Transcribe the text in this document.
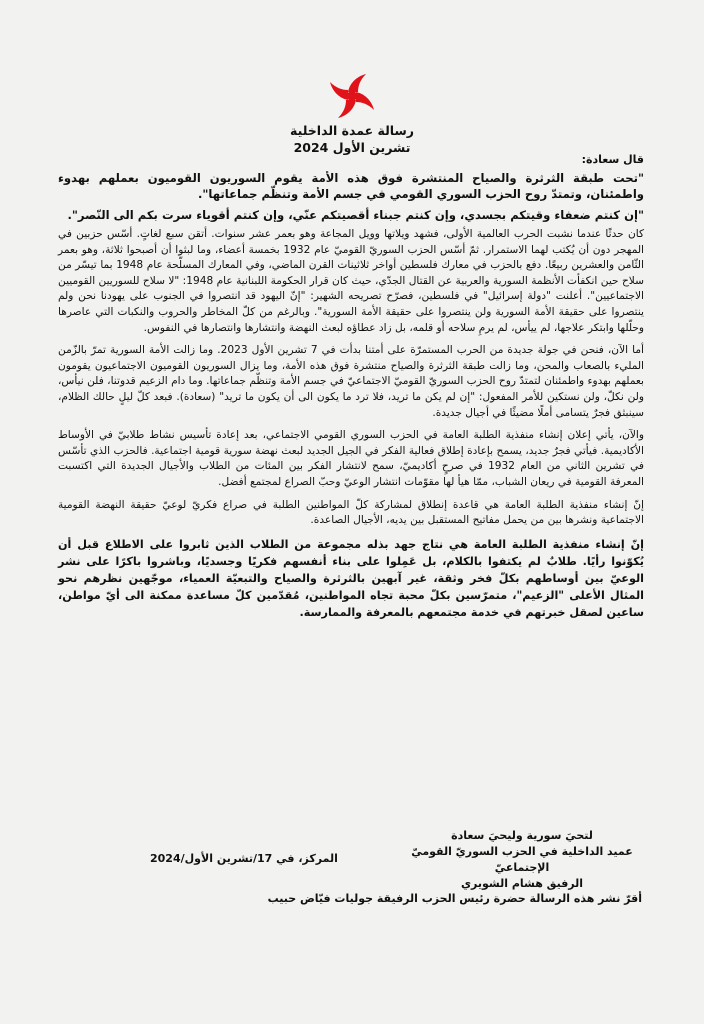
رسالة عمدة الداخلية
تشرين الأول 2024
قال سعادة:
"تحت طبقة الثرثرة والصياح المنتشرة فوق هذه الأمة يقوم السوريون القوميون بعملهم بهدوء واطمئنان، وتمتدّ روح الحزب السوري القومي في جسم الأمة وتنظّم جماعاتها".
"إن كنتم ضعفاء وقيتكم بجسدي، وإن كنتم جبناء أقصيتكم عنّي، وإن كنتم أقوياء سرت بكم الى النّصر".

كان حدثًا عندما نشبت الحرب العالمية الأولى، فشهد ويلاتها وويل المجاعة وهو بعمر عشر سنوات. أتقن سبع لغاتٍ. أسّس حزبين في المهجر دون أن يُكتب لهما الاستمرار. ثمّ أسّس الحزب السوريّ القوميّ عام 1932 بخمسة أعضاء، وما لبثوا أن أصبحوا ثلاثة، وهو بعمر الثّامن والعشرين ربيعًا. دفع بالحزب في معارك فلسطين أواخر ثلاثينات القرن الماضي، وفي المعارك المسلّحة عام 1948 بما تيسّر من سلاح حين انكفأت الأنظمة السورية والعربية عن القتال الجدّي، حيث كان قرار الحكومة اللبنانية عام 1948: "لا سلاح للسوريين القوميين الاجتماعيين". أعلنت "دولة إسرائيل" في فلسطين، فصرّح تصريحه الشهير: "إنّ اليهود قد انتصروا في الجنوب على يهودنا نحن ولم ينتصروا على حقيقة الأمة السورية ولن ينتصروا على حقيقة الأمة السورية". وبالرغم من كلّ المخاطر والحروب والنكبات التي عاصرها وحلّلها وابتكر علاجها، لم ييأس، لم يرمِ سلاحه أو قلمه، بل زاد عطاؤه لبعث النهضة وانتشارها وانتصارها في النفوس.

أما الآن، فنحن في جولة جديدة من الحرب المستمرّة على أمتنا بدأت في 7 تشرين الأول 2023. وما زالت الأمة السورية تمرّ بالزّمن المليء بالصعاب والمحن، وما زالت طبقة الثرثرة والصياح منتشرة فوق هذه الأمة، وما يزال السوريون القوميون الاجتماعيون يقومون بعملهم بهدوء واطمئنان لتمتدّ روح الحزب السوريّ القوميّ الاجتماعيّ في جسم الأمة وتنظّم جماعاتها. وما دام الزعيم قدوتنا، فلن نيأس، ولن نكلّ، ولن نستكين للأمر المفعول: "إن لم يكن ما تريد، فلا ترد ما يكون الى أن يكون ما تريد" (سعادة). فبعد كلّ ليلٍ حالك الظلام، سينبثق فجرٌ يتسامى أملًا مضيئًا في أجيال جديدة.

والآن، يأتي إعلان إنشاء منفذية الطلبة العامة في الحزب السوري القومي الاجتماعي، بعد إعادة تأسيس نشاط طلابيّ في الأوساط الأكاديمية. فيأتي فجرٌ جديد، يسمح بإعادة إطلاق فعالية الفكر في الجيل الجديد لبعث نهضة سورية قومية اجتماعية. فالحزب الذي تأسّس في تشرين الثاني من العام 1932 في صرحٍ أكاديميّ، سمح لانتشار الفكر بين المئات من الطلاب والأجيال الجديدة التي اكتسبت المعرفة القومية في ريعان الشباب، ممّا هيأ لها مقوّمات انتشار الوعيّ وحبّ الصراع لمجتمع أفضل.

إنّ إنشاء منفذية الطلبة العامة هي قاعدة إنطلاق لمشاركة كلّ المواطنين الطلبة في صراع فكريّ لوعيّ حقيقة النهضة القومية الاجتماعية ونشرها بين من يحمل مفاتيح المستقبل بين يديه، الأجيال الصاعدة.

إنّ إنشاء منفذية الطلبة العامة هي نتاج جهد بذله مجموعة من الطلاب الذين ثابروا على الاطلاع قبل أن يُكوّنوا رأيًا. طلابٌ لم يكتفوا بالكلام، بل عَمِلوا على بناء أنفسهم فكريًا وجسديًا، وباشروا باكرًا على نشر الوعيّ بين أوساطهم بكلّ فخر وثقة، غير آبهين بالثرثرة والصياح والتبعيّة العمياء، موجّهين نظرهم نحو المثال الأعلى "الزعيم"، متمرّسين بكلّ محبة تجاه المواطنين، مُقدّمين كلّ مساعدة ممكنة الى أيّ مواطن، ساعين لصقل خبرتهم في خدمة مجتمعهم بالمعرفة والممارسة.

لتحيَ سورية وليحيَ سعادة
عميد الداخلية في الحزب السوريّ القوميّ الإجتماعيّ
الرفيق هشام الشويري
المركز، في 17/تشرين الأول/2024
أقرّ نشر هذه الرسالة حضرة رئيس الحزب الرفيقة جوليات فيّاض حبيب
